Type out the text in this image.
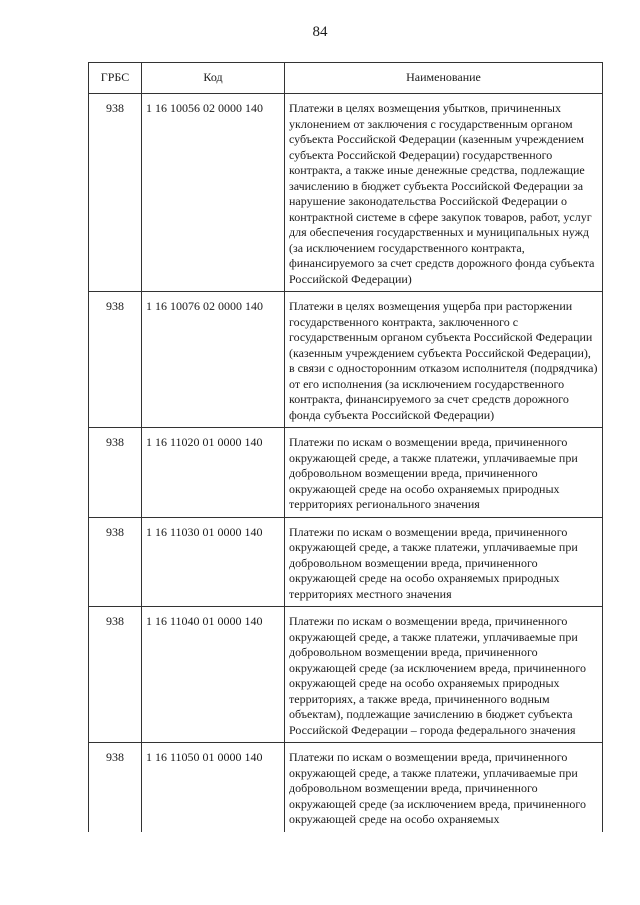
84
ГРБС	Код	Наименование
938	1 16 10056 02 0000 140	Платежи в целях возмещения убытков, причиненных уклонением от заключения с государственным органом субъекта Российской Федерации (казенным учреждением субъекта Российской Федерации) государственного контракта, а также иные денежные средства, подлежащие зачислению в бюджет субъекта Российской Федерации за нарушение законодательства Российской Федерации о контрактной системе в сфере закупок товаров, работ, услуг для обеспечения государственных и муниципальных нужд (за исключением государственного контракта, финансируемого за счет средств дорожного фонда субъекта Российской Федерации)
938	1 16 10076 02 0000 140	Платежи в целях возмещения ущерба при расторжении государственного контракта, заключенного с государственным органом субъекта Российской Федерации (казенным учреждением субъекта Российской Федерации), в связи с односторонним отказом исполнителя (подрядчика) от его исполнения (за исключением государственного контракта, финансируемого за счет средств дорожного фонда субъекта Российской Федерации)
938	1 16 11020 01 0000 140	Платежи по искам о возмещении вреда, причиненного окружающей среде, а также платежи, уплачиваемые при добровольном возмещении вреда, причиненного окружающей среде на особо охраняемых природных территориях регионального значения
938	1 16 11030 01 0000 140	Платежи по искам о возмещении вреда, причиненного окружающей среде, а также платежи, уплачиваемые при добровольном возмещении вреда, причиненного окружающей среде на особо охраняемых природных территориях местного значения
938	1 16 11040 01 0000 140	Платежи по искам о возмещении вреда, причиненного окружающей среде, а также платежи, уплачиваемые при добровольном возмещении вреда, причиненного окружающей среде (за исключением вреда, причиненного окружающей среде на особо охраняемых природных территориях, а также вреда, причиненного водным объектам), подлежащие зачислению в бюджет субъекта Российской Федерации – города федерального значения
938	1 16 11050 01 0000 140	Платежи по искам о возмещении вреда, причиненного окружающей среде, а также платежи, уплачиваемые при добровольном возмещении вреда, причиненного окружающей среде (за исключением вреда, причиненного окружающей среде на особо охраняемых
